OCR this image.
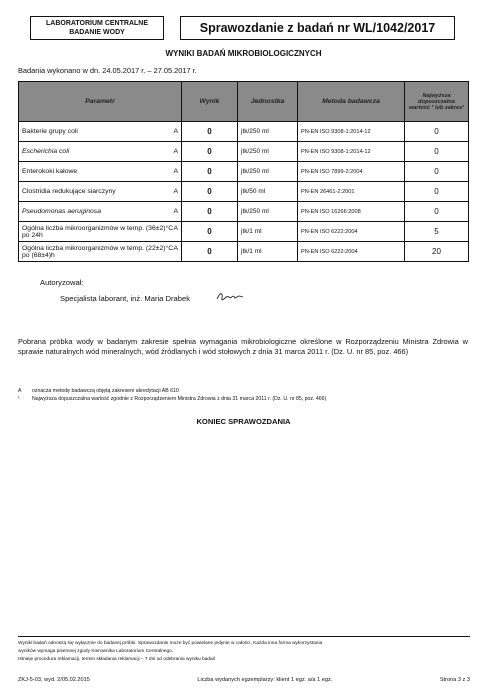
LABORATORIUM CENTRALNE
BADANIE WODY	Sprawozdanie z badań nr WL/1042/2017
WYNIKI BADAŃ MIKROBIOLOGICZNYCH
Badania wykonano w dn. 24.05.2017 r. – 27.05.2017 r.
Parametr	Wynik	Jednostka	Metoda badawcza	Najwyższa dopuszczalna wartość ¹ lub zakres¹

A
Bakterie grupy coli	0	jtk/250 ml	PN-EN ISO 9308-1:2014-12	0

A
Escherichia coli	0	jtk/250 ml	PN-EN ISO 9308-1:2014-12	0

A
Enterokoki kałowe	0	jtk/250 ml	PN-EN ISO 7899-2:2004	0

A
Clostridia redukujące siarczyny	0	jtk/50 ml	PN-EN 26461-2:2001	0

A
Pseudomonas aeruginosa	0	jtk/250 ml	PN-EN ISO 16266:2008	0

A
Ogólna liczba mikroorganizmów w temp. (36±2)°C po 24h	0	jtk/1 ml	PN-EN ISO 6222:2004	5

A
Ogólna liczba mikroorganizmów w temp. (22±2)°C po (68±4)h	0	jtk/1 ml	PN-EN ISO 6222:2004	20
Autoryzował:
Specjalista laborant, inż. Maria Drabek
Pobrana próbka wody w badanym zakresie spełnia wymagania mikrobiologiczne określone w Rozporządzeniu Ministra Zdrowia w sprawie naturalnych wód mineralnych, wód źródlanych i wód stołowych z dnia 31 marca 2011 r. (Dz. U. nr 85, poz. 466)
A oznacza metodę badawczą objętą zakresem akredytacji AB 610
¹ Najwyższa dopuszczalna wartość zgodnie z Rozporządzeniem Ministra Zdrowia z dnia 31 marca 2011 r. (Dz. U. nr 85, poz. 466)
KONIEC SPRAWOZDANIA
Wyniki badań odnoszą się wyłącznie do badanej próbki. Sprawozdanie może być powielane jedynie w całości. Każda inna forma wykorzystania
wyników wymaga pisemnej zgody Kierownika Laboratorium Centralnego.
Istnieje procedura reklamacji, termin składania reklamacji – 7 dni od odebrania wyniku badań
ZKJ-5-03, wyd. 2/05.02.2015	Liczba wydanych egzemplarzy: klient 1 egz. a/a 1 egz.	Strona 3 z 3
